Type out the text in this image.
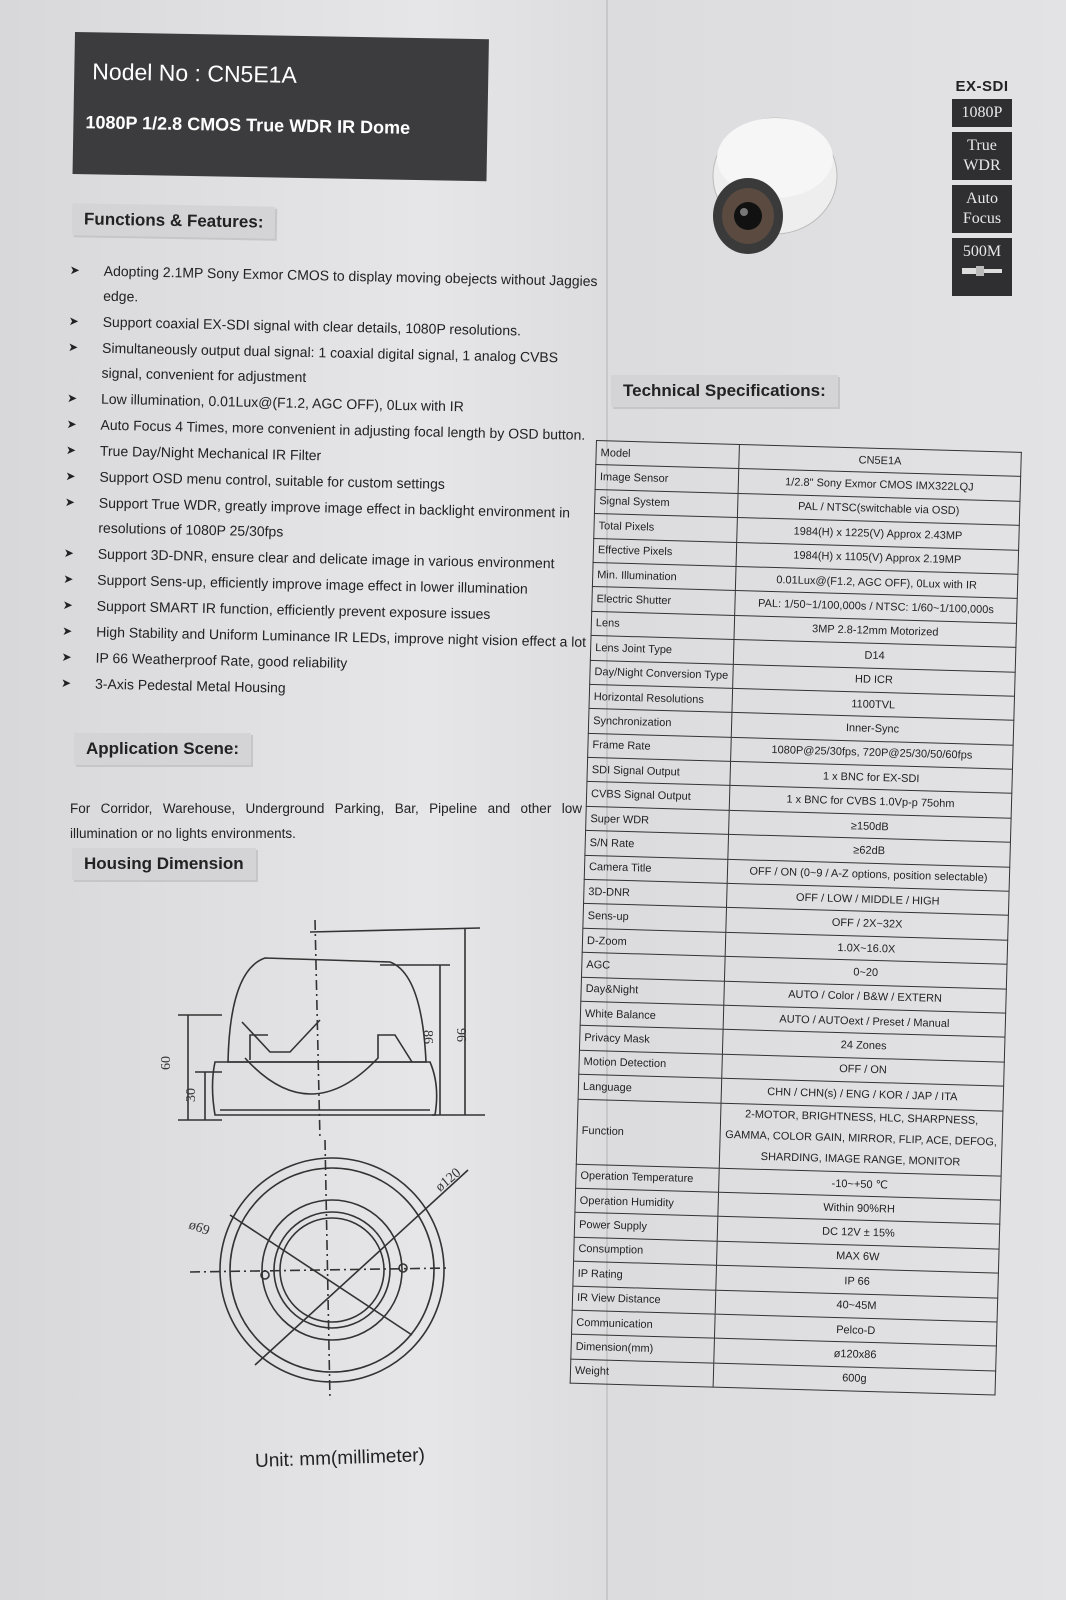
Nodel No : CN5E1A
1080P 1/2.8 CMOS True WDR IR Dome
Functions & Features:
➤	Adopting 2.1MP Sony Exmor CMOS to display moving obejects without Jaggies edge.
➤	Support coaxial EX-SDI signal with clear details, 1080P resolutions.
➤	Simultaneously output dual signal: 1 coaxial digital signal, 1 analog CVBS signal, convenient for adjustment
➤	Low illumination, 0.01Lux@(F1.2, AGC OFF), 0Lux with IR
➤	Auto Focus 4 Times, more convenient in adjusting focal length by OSD button.
➤	True Day/Night Mechanical IR Filter
➤	Support OSD menu control, suitable for custom settings
➤	Support True WDR, greatly improve image effect in backlight environment in resolutions of 1080P 25/30fps
➤	Support 3D-DNR, ensure clear and delicate image in various environment
➤	Support Sens-up, efficiently improve image effect in lower illumination
➤	Support SMART IR function, efficiently prevent exposure issues
➤	High Stability and Uniform Luminance IR LEDs, improve night vision effect a lot
➤	IP 66 Weatherproof Rate, good reliability
➤	3-Axis Pedestal Metal Housing
Application Scene:
For Corridor, Warehouse, Underground Parking, Bar, Pipeline and other low illumination or no lights environments.
Housing Dimension
60
30
86 96
ø120
ø69
Unit: mm(millimeter)
EX-SDI
1080P
True WDR
Auto Focus
500M
Technical Specifications:
Model	CN5E1A
Image Sensor	1/2.8" Sony Exmor CMOS IMX322LQJ
Signal System	PAL / NTSC(switchable via OSD)
Total Pixels	1984(H) x 1225(V) Approx 2.43MP
Effective Pixels	1984(H) x 1105(V) Approx 2.19MP
Min. Illumination	0.01Lux@(F1.2, AGC OFF), 0Lux with IR
Electric Shutter	PAL: 1/50~1/100,000s / NTSC: 1/60~1/100,000s
Lens	3MP 2.8-12mm Motorized
Lens Joint Type	D14
Day/Night Conversion Type	HD ICR
Horizontal Resolutions	1100TVL
Synchronization	Inner-Sync
Frame Rate	1080P@25/30fps, 720P@25/30/50/60fps
SDI Signal Output	1 x BNC for EX-SDI
CVBS Signal Output	1 x BNC for CVBS 1.0Vp-p 75ohm
Super WDR	≥150dB
S/N Rate	≥62dB
Camera Title	OFF / ON (0~9 / A-Z options, position selectable)
3D-DNR	OFF / LOW / MIDDLE / HIGH
Sens-up	OFF / 2X~32X
D-Zoom	1.0X~16.0X
AGC	0~20
Day&Night	AUTO / Color / B&W / EXTERN
White Balance	AUTO / AUTOext / Preset / Manual
Privacy Mask	24 Zones
Motion Detection	OFF / ON
Language	CHN / CHN(s) / ENG / KOR / JAP / ITA
Function	2-MOTOR, BRIGHTNESS, HLC, SHARPNESS, GAMMA, COLOR GAIN, MIRROR, FLIP, ACE, DEFOG, SHARDING, IMAGE RANGE, MONITOR
Operation Temperature	-10~+50 ℃
Operation Humidity	Within 90%RH
Power Supply	DC 12V ± 15%
Consumption	MAX 6W
IP Rating	IP 66
IR View Distance	40~45M
Communication	Pelco-D
Dimension(mm)	ø120x86
Weight	600g
